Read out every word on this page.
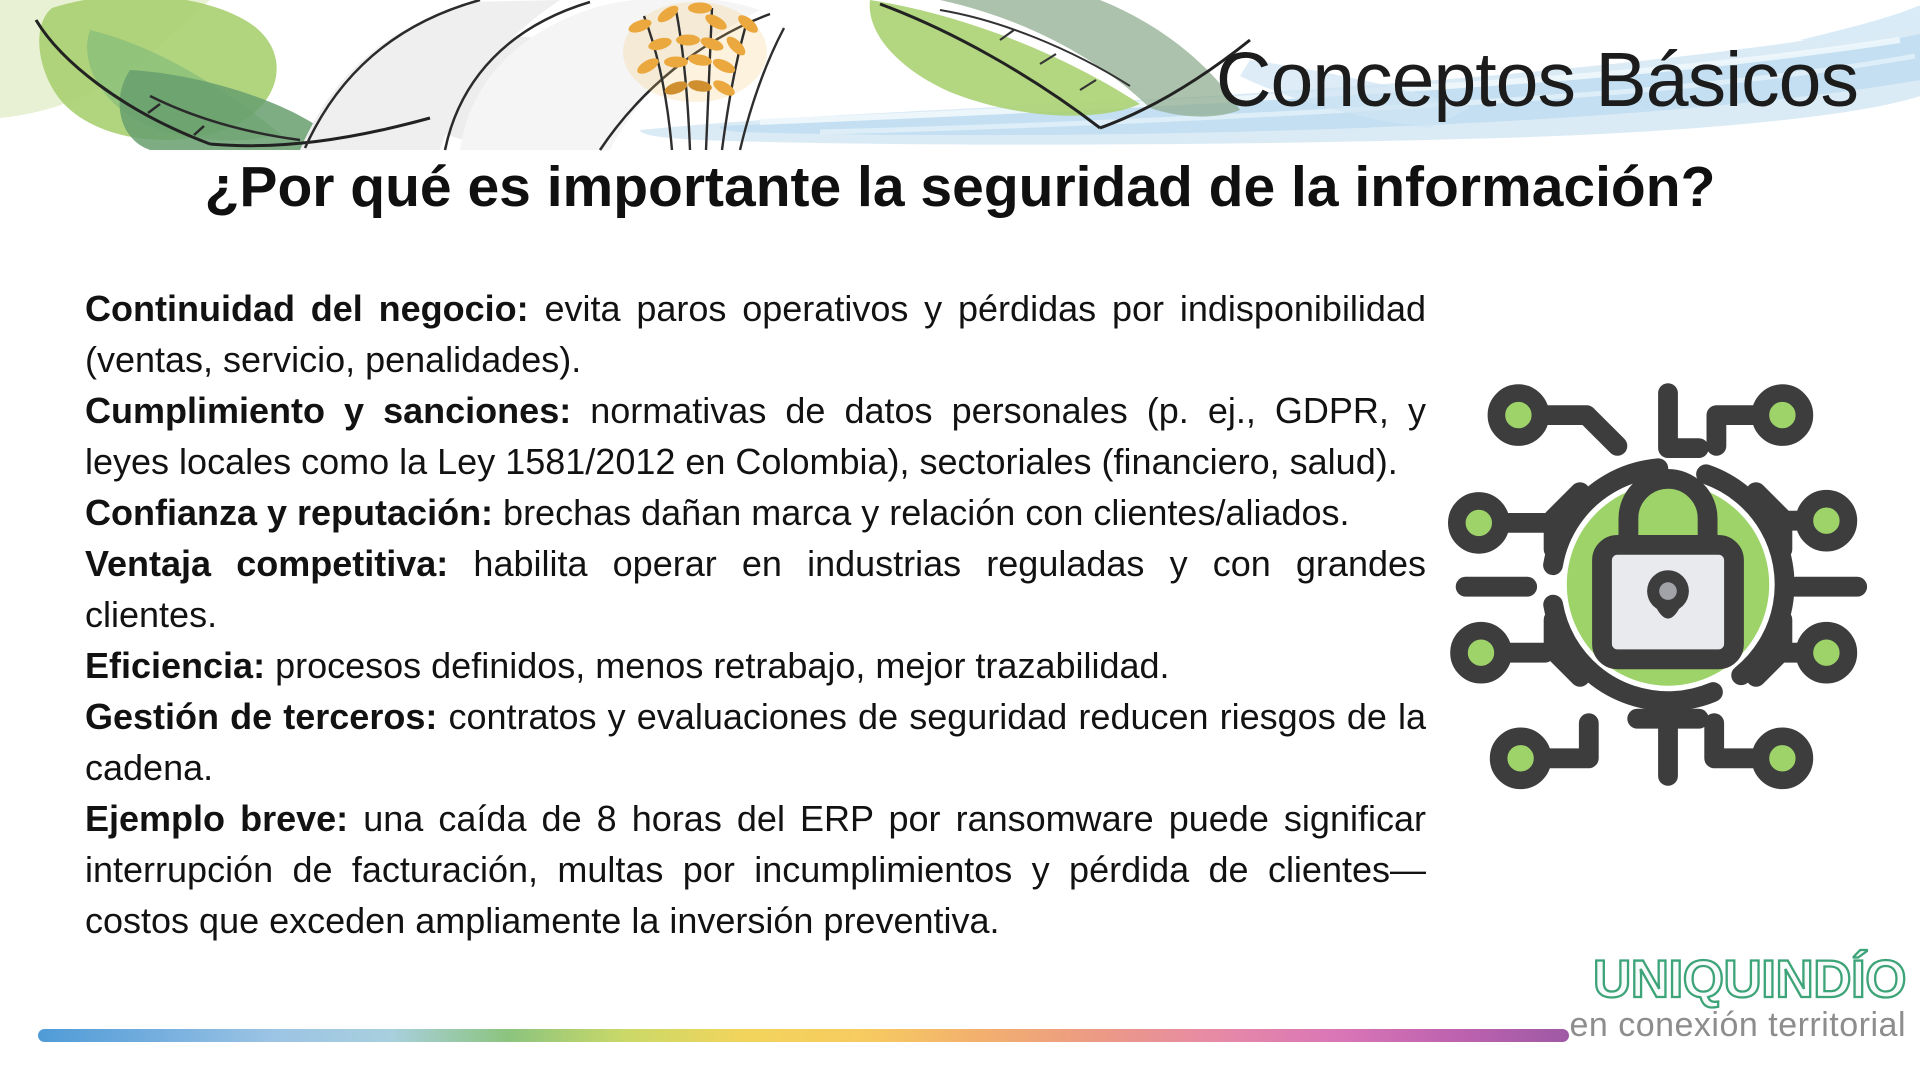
Conceptos Básicos
¿Por qué es importante la seguridad de la información?

Continuidad del negocio: evita paros operativos y pérdidas por indisponibilidad (ventas, servicio, penalidades).

Cumplimiento y sanciones: normativas de datos personales (p. ej., GDPR, y leyes locales como la Ley 1581/2012 en Colombia), sectoriales (financiero, salud).

Confianza y reputación: brechas dañan marca y relación con clientes/aliados.

Ventaja competitiva: habilita operar en industrias reguladas y con grandes clientes.

Eficiencia: procesos definidos, menos retrabajo, mejor trazabilidad.

Gestión de terceros: contratos y evaluaciones de seguridad reducen riesgos de la cadena.

Ejemplo breve: una caída de 8 horas del ERP por ransomware puede significar interrupción de facturación, multas por incumplimientos y pérdida de clientes—costos que exceden ampliamente la inversión preventiva.

UNIQUINDÍO
en conexión territorial
